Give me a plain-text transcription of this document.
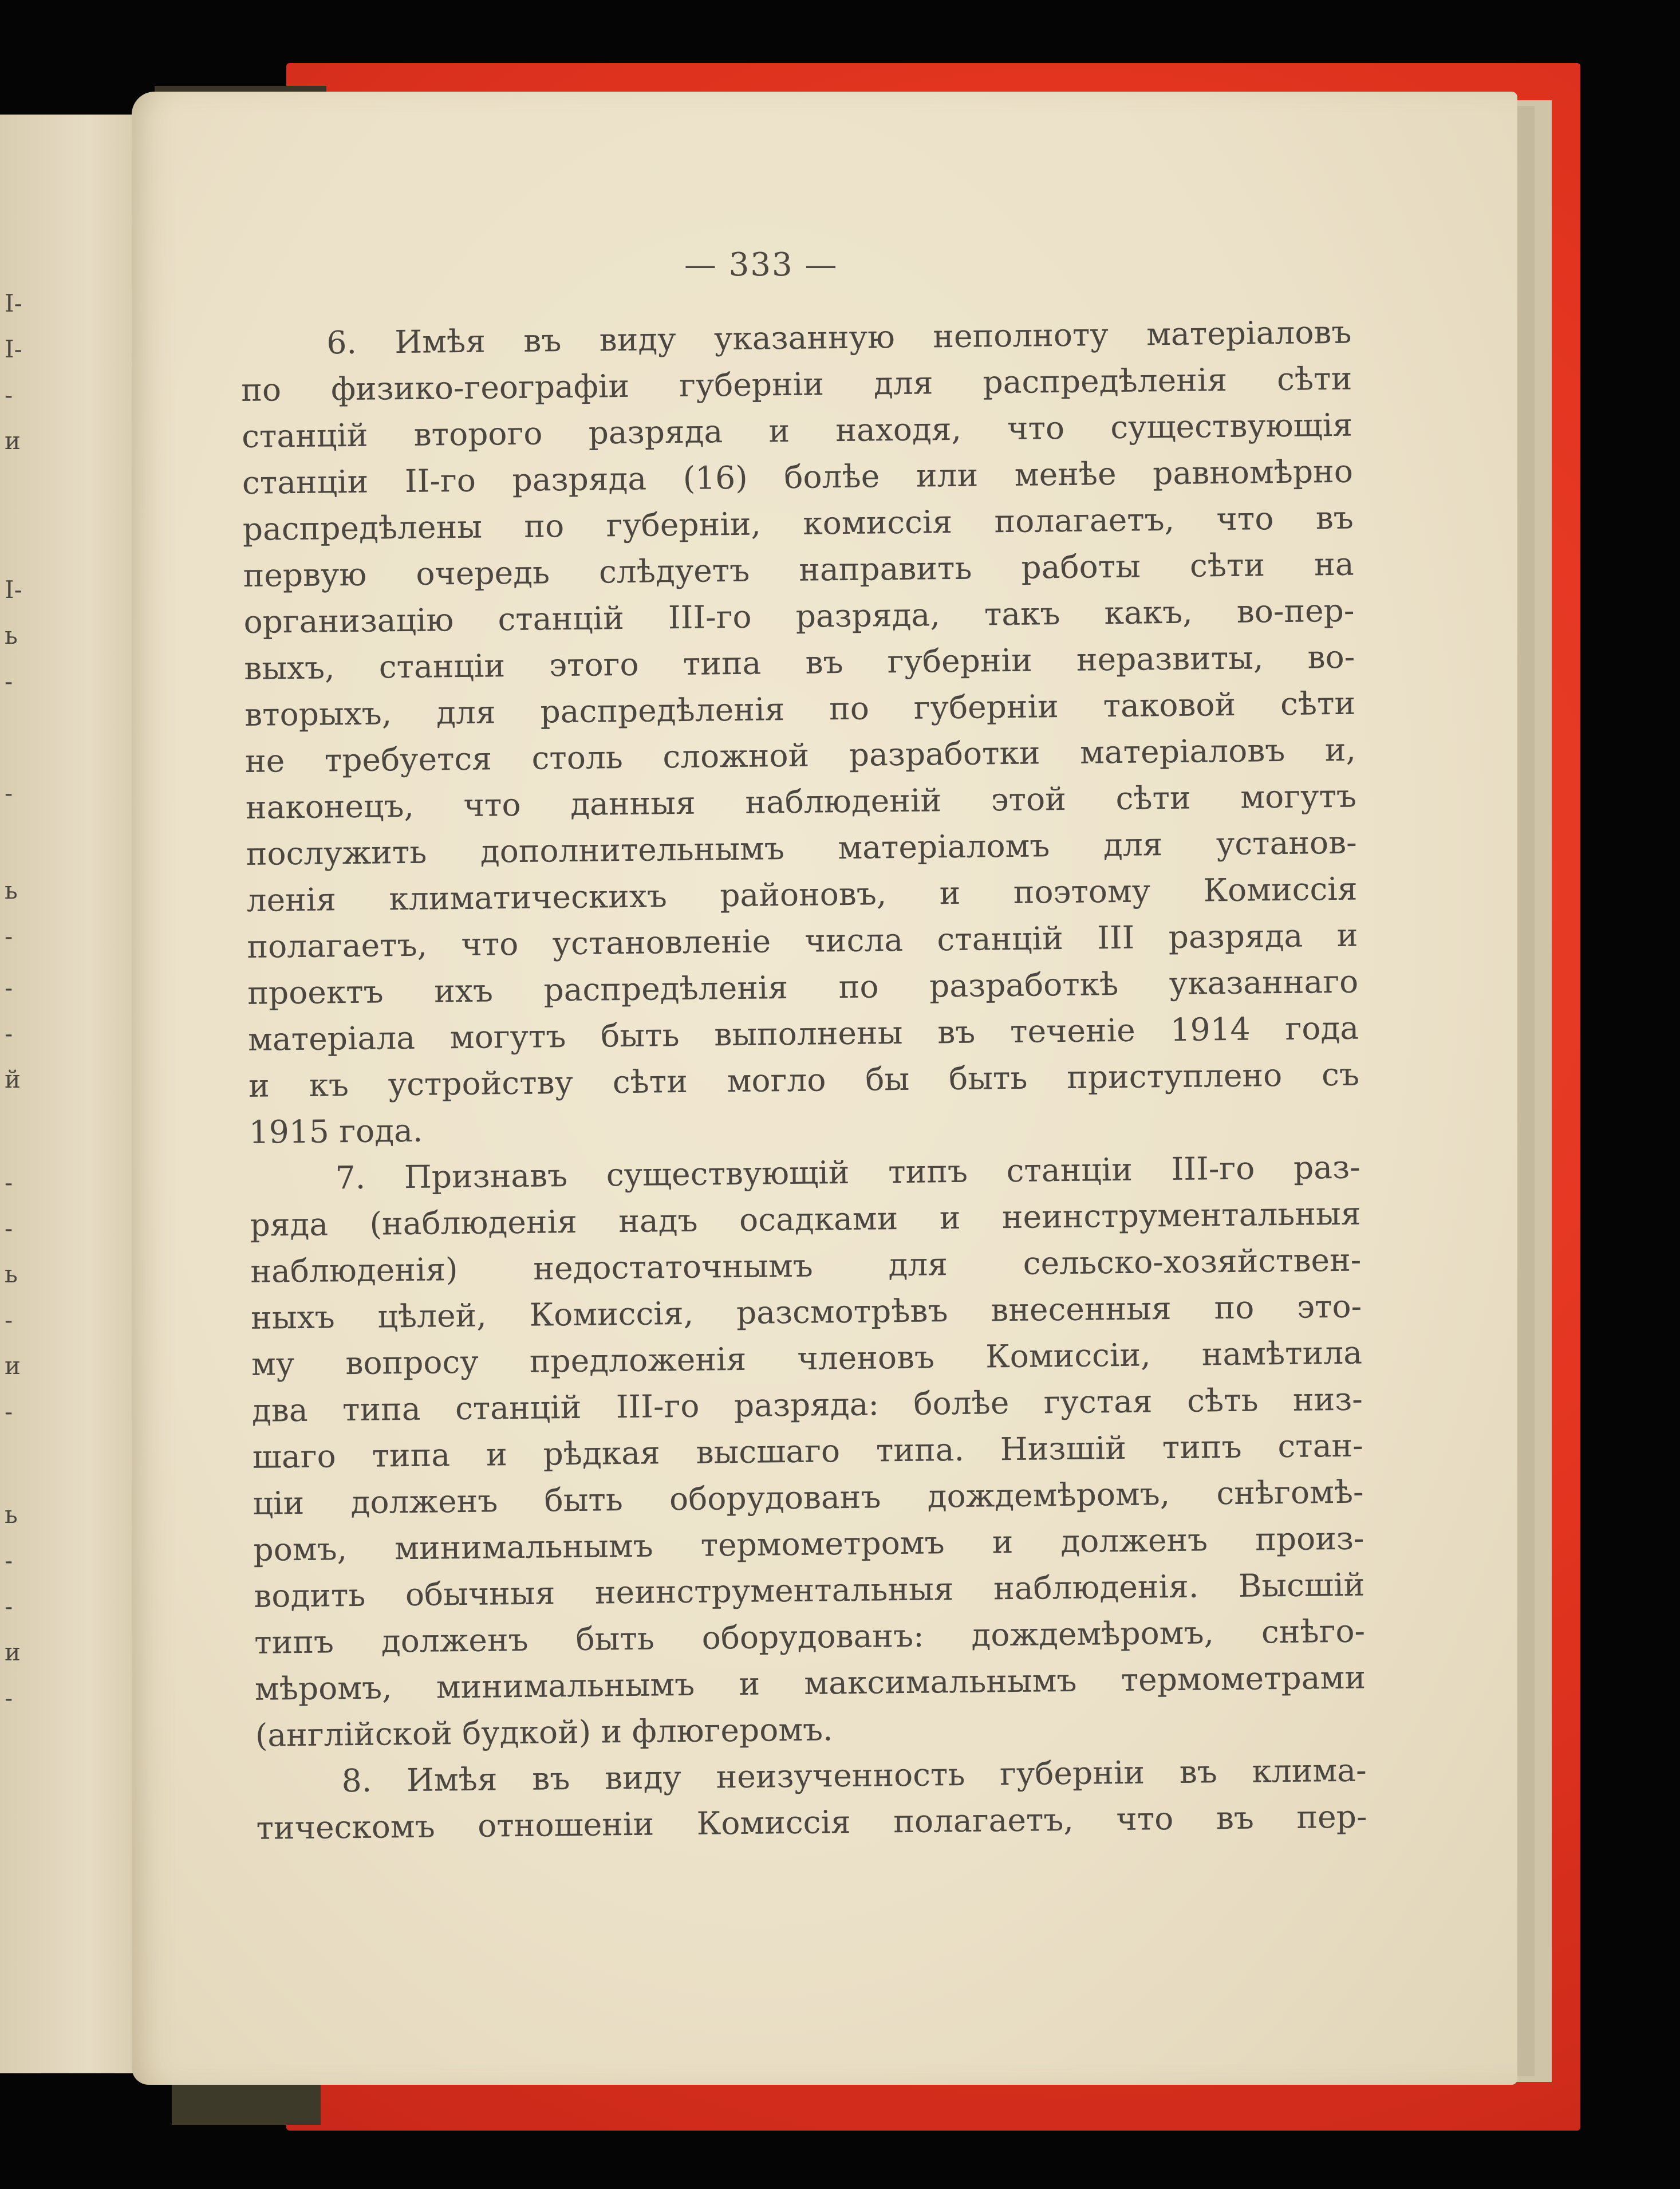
I-
I-
-
и
I-
ь
-
-
ь
-
-
-
й
-
-
ь
-
и
-
ь
-
-
и
-
— 333 —
6. Имѣя въ виду указанную неполноту матеріаловъ
по физико-географіи губерніи для распредѣленія сѣти
станцій второго разряда и находя, что существующія
станціи II-го разряда (16) болѣе или менѣе равномѣрно
распредѣлены по губерніи, комиссія полагаетъ, что въ
первую очередь слѣдуетъ направить работы сѣти на
организацію станцій III-го разряда, такъ какъ, во-пер-
выхъ, станціи этого типа въ губерніи неразвиты, во-
вторыхъ, для распредѣленія по губерніи таковой сѣти
не требуется столь сложной разработки матеріаловъ и,
наконецъ, что данныя наблюденій этой сѣти могутъ
послужить дополнительнымъ матеріаломъ для установ-
ленія климатическихъ районовъ, и поэтому Комиссія
полагаетъ, что установленіе числа станцій III разряда и
проектъ ихъ распредѣленія по разработкѣ указаннаго
матеріала могутъ быть выполнены въ теченіе 1914 года
и къ устройству сѣти могло бы быть приступлено съ
1915 года.
7. Признавъ существующій типъ станціи III-го раз-
ряда (наблюденія надъ осадками и неинструментальныя
наблюденія) недостаточнымъ для сельско-хозяйствен-
ныхъ цѣлей, Комиссія, разсмотрѣвъ внесенныя по это-
му вопросу предложенія членовъ Комиссіи, намѣтила
два типа станцій III-го разряда: болѣе густая сѣть низ-
шаго типа и рѣдкая высшаго типа. Низшій типъ стан-
ціи долженъ быть оборудованъ дождемѣромъ, снѣгомѣ-
ромъ, минимальнымъ термометромъ и долженъ произ-
водить обычныя неинструментальныя наблюденія. Высшій
типъ долженъ быть оборудованъ: дождемѣромъ, снѣго-
мѣромъ, минимальнымъ и максимальнымъ термометрами
(англійской будкой) и флюгеромъ.
8. Имѣя въ виду неизученность губерніи въ клима-
тическомъ отношеніи Комиссія полагаетъ, что въ пер-
